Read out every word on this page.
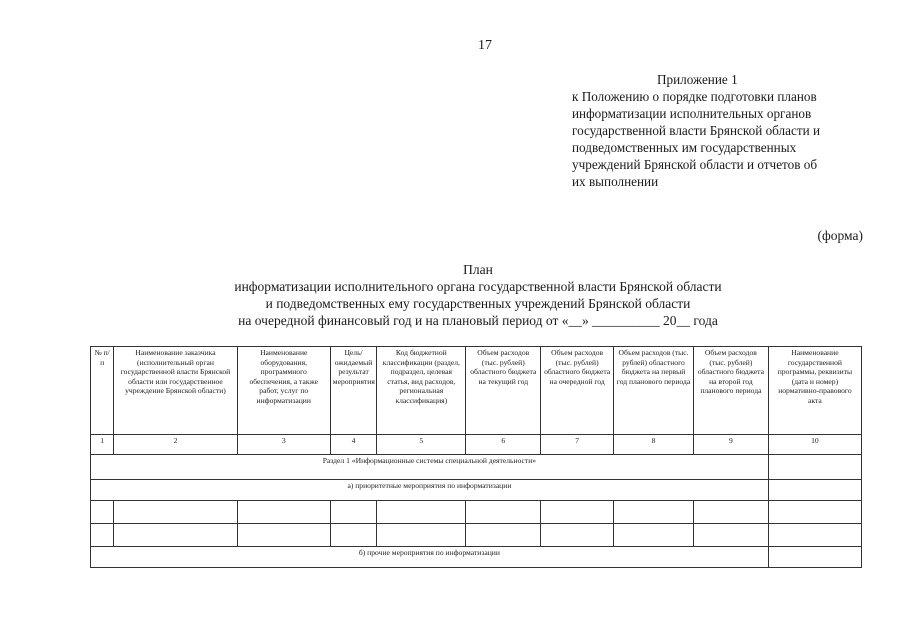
17
Приложение 1
к Положению о порядке подготовки планов
информатизации исполнительных органов
государственной власти Брянской области и
подведомственных им государственных
учреждений Брянской области и отчетов об
их выполнении
(форма)
План
информатизации исполнительного органа государственной власти Брянской области
и подведомственных ему государственных учреждений Брянской области
на очередной финансовый год и на плановый период от «__» __________ 20__ года
№ п/п	Наименование заказчика (исполнительный орган государственной власти Брянской области или государственное учреждение Брянской области)	Наименование оборудования, программного обеспечения, а также работ, услуг по информатизации	Цель/ожидаемый результат мероприятия	Код бюджетной классификации (раздел, подраздел, целевая статья, вид расходов, региональная классификация)	Объем расходов (тыс. рублей) областного бюджета на текущий год	Объем расходов (тыс. рублей) областного бюджета на очередной год	Объем расходов (тыс. рублей) областного бюджета на первый год планового периода	Объем расходов (тыс. рублей) областного бюджета на второй год планового периода	Наименование государственной программы, реквизиты (дата и номер) нормативно-правового акта
1	2	3	4	5	6	7	8	9	10
Раздел 1 «Информационные системы специальной деятельности»									
а) приоритетные мероприятия по информатизации									

б) прочие мероприятия по информатизации									
